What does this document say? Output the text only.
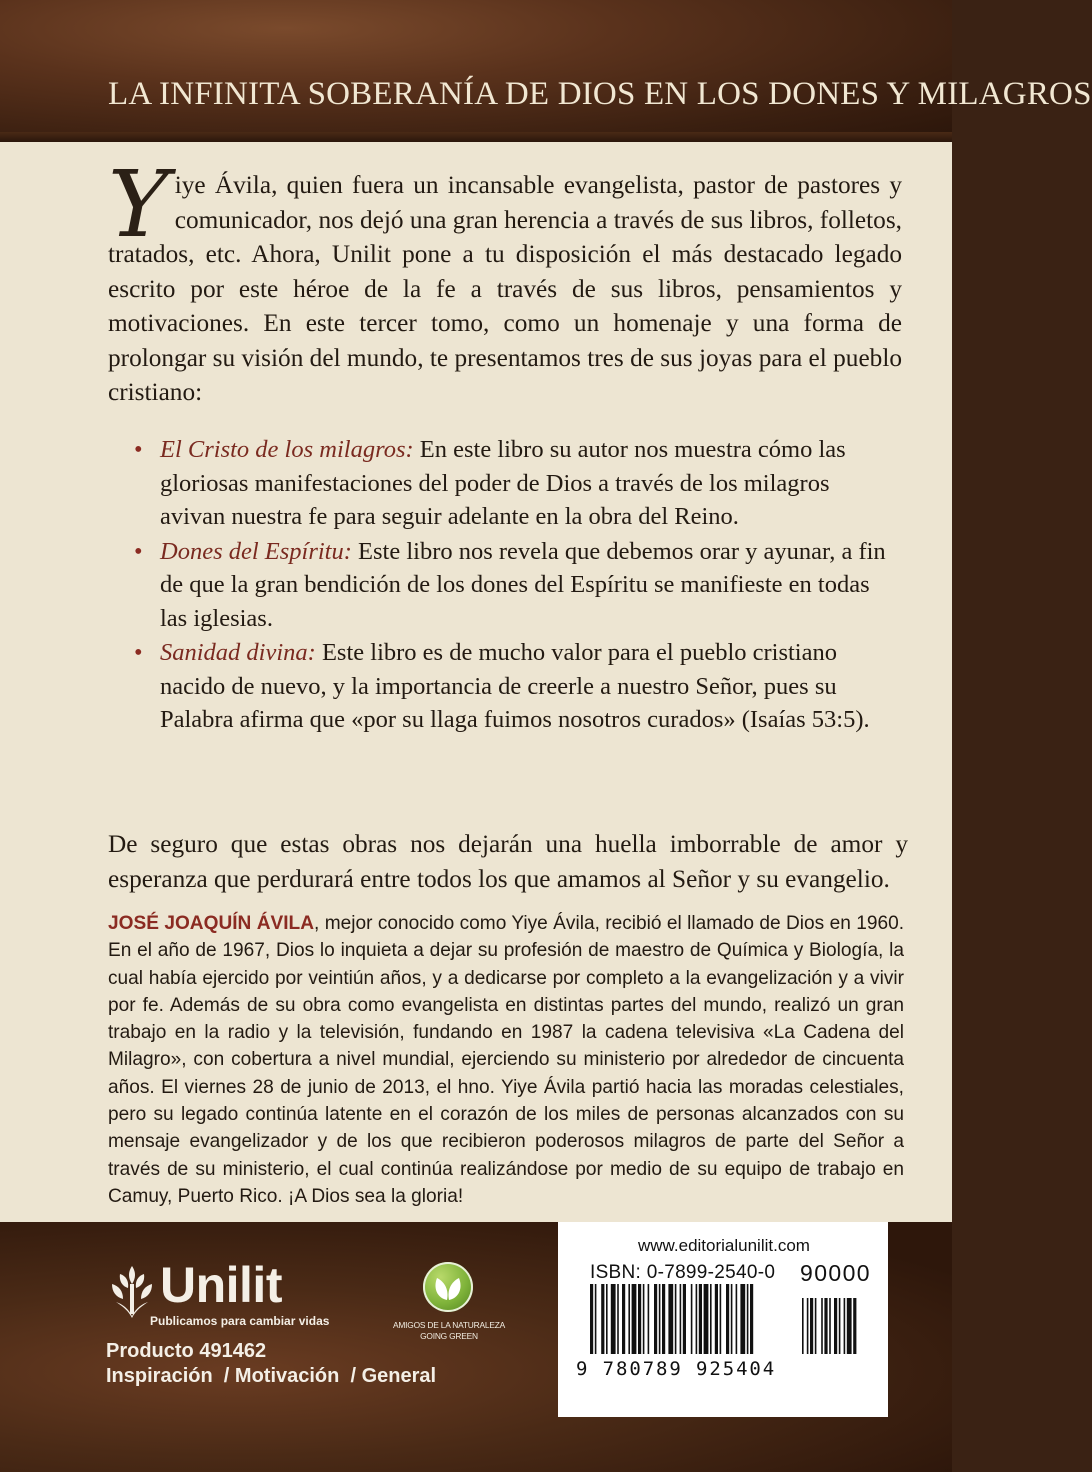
LA INFINITA SOBERANÍA DE DIOS EN LOS DONES Y MILAGROS
Yiye Ávila, quien fuera un incansable evangelista, pastor de pastores y comunicador, nos dejó una gran herencia a través de sus libros, folletos, tratados, etc. Ahora, Unilit pone a tu disposición el más destacado legado escrito por este héroe de la fe a través de sus libros, pensamientos y motivaciones. En este tercer tomo, como un homenaje y una forma de prolongar su visión del mundo, te presentamos tres de sus joyas para el pueblo cristiano:
• El Cristo de los milagros: En este libro su autor nos muestra cómo las gloriosas manifestaciones del poder de Dios a través de los milagros avivan nuestra fe para seguir adelante en la obra del Reino.
• Dones del Espíritu: Este libro nos revela que debemos orar y ayunar, a fin de que la gran bendición de los dones del Espíritu se manifieste en todas las iglesias.
• Sanidad divina: Este libro es de mucho valor para el pueblo cristiano nacido de nuevo, y la importancia de creerle a nuestro Señor, pues su Palabra afirma que «por su llaga fuimos nosotros curados» (Isaías 53:5).
De seguro que estas obras nos dejarán una huella imborrable de amor y esperanza que perdurará entre todos los que amamos al Señor y su evangelio.
JOSÉ JOAQUÍN ÁVILA, mejor conocido como Yiye Ávila, recibió el llamado de Dios en 1960. En el año de 1967, Dios lo inquieta a dejar su profesión de maestro de Química y Biología, la cual había ejercido por veintiún años, y a dedicarse por completo a la evangelización y a vivir por fe. Además de su obra como evangelista en distintas partes del mundo, realizó un gran trabajo en la radio y la televisión, fundando en 1987 la cadena televisiva «La Cadena del Milagro», con cobertura a nivel mundial, ejerciendo su ministerio por alrededor de cincuenta años. El viernes 28 de junio de 2013, el hno. Yiye Ávila partió hacia las moradas celestiales, pero su legado continúa latente en el corazón de los miles de personas alcanzados con su mensaje evangelizador y de los que recibieron poderosos milagros de parte del Señor a través de su ministerio, el cual continúa realizándose por medio de su equipo de trabajo en Camuy, Puerto Rico. ¡A Dios sea la gloria!
Unilit
Publicamos para cambiar vidas	AMIGOS DE LA NATURALEZA
GOING GREEN
Producto 491462
Inspiración  / Motivación  / General
www.editorialunilit.com
ISBN: 0-7899-2540-0 90000
9 780789 925404
